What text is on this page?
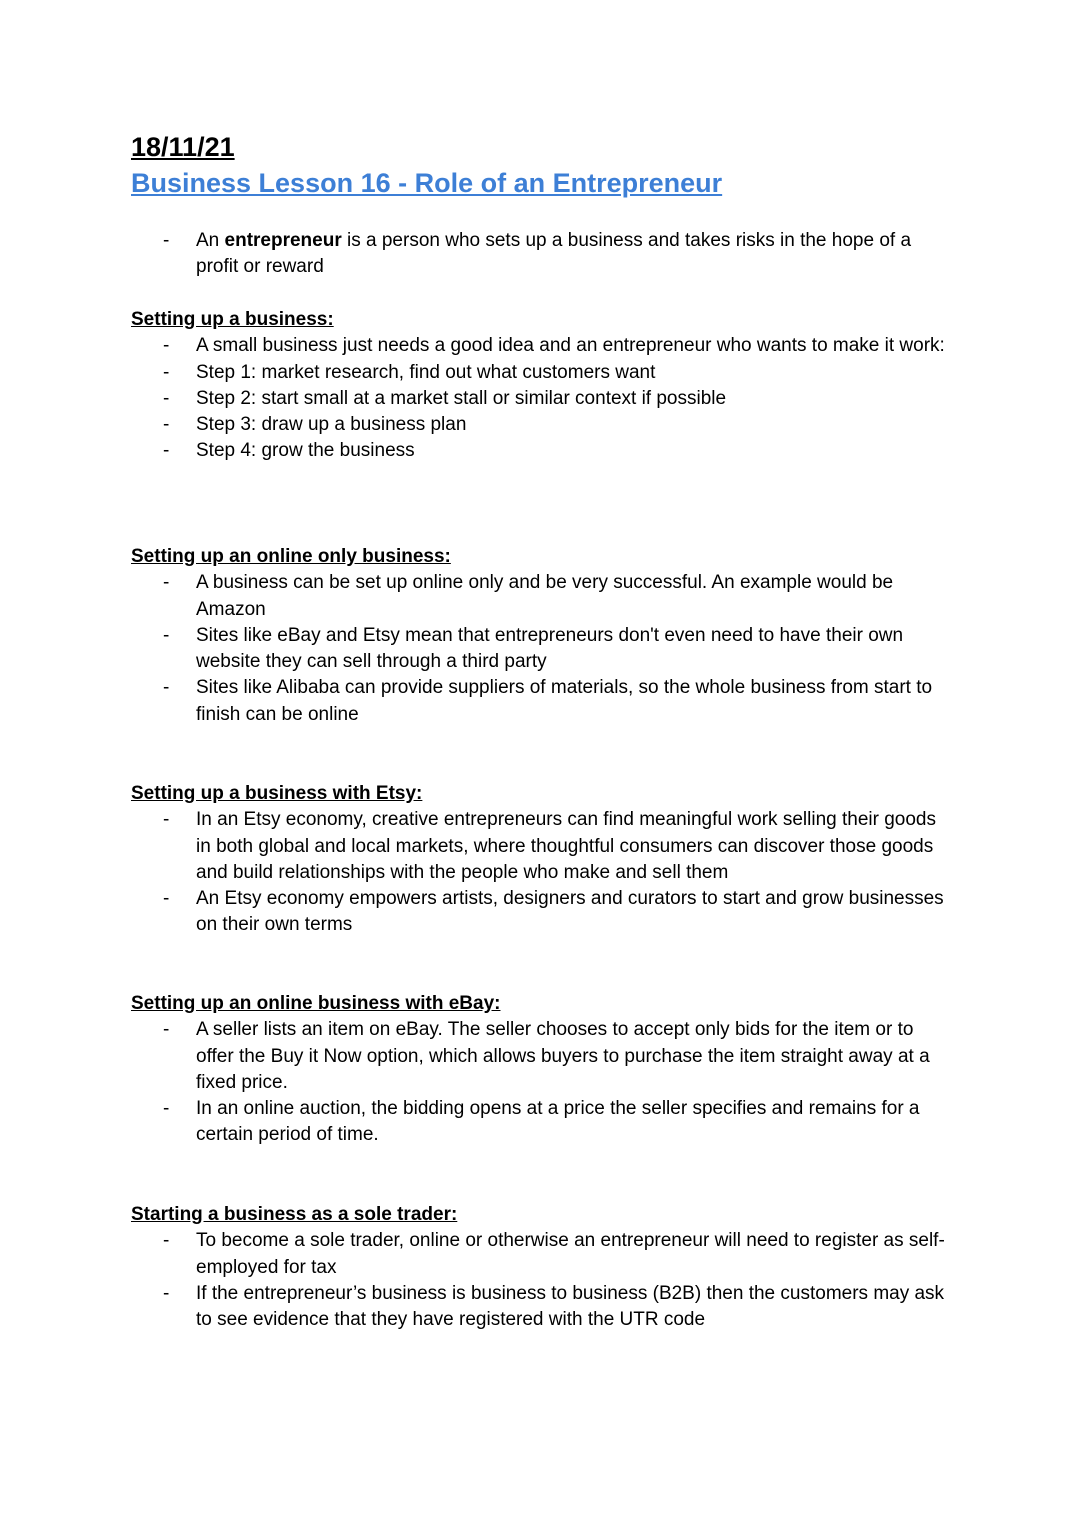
18/11/21
Business Lesson 16 - Role of an Entrepreneur
- An entrepreneur is a person who sets up a business and takes risks in the hope of a profit or reward
Setting up a business:
- A small business just needs a good idea and an entrepreneur who wants to make it work:
- Step 1: market research, find out what customers want
- Step 2: start small at a market stall or similar context if possible
- Step 3: draw up a business plan
- Step 4: grow the business
Setting up an online only business:
- A business can be set up online only and be very successful. An example would be Amazon
- Sites like eBay and Etsy mean that entrepreneurs don't even need to have their own website they can sell through a third party
- Sites like Alibaba can provide suppliers of materials, so the whole business from start to finish can be online
Setting up a business with Etsy:
- In an Etsy economy, creative entrepreneurs can find meaningful work selling their goods in both global and local markets, where thoughtful consumers can discover those goods and build relationships with the people who make and sell them
- An Etsy economy empowers artists, designers and curators to start and grow businesses on their own terms
Setting up an online business with eBay:
- A seller lists an item on eBay. The seller chooses to accept only bids for the item or to offer the Buy it Now option, which allows buyers to purchase the item straight away at a fixed price.
- In an online auction, the bidding opens at a price the seller specifies and remains for a certain period of time.
Starting a business as a sole trader:
- To become a sole trader, online or otherwise an entrepreneur will need to register as self-employed for tax
- If the entrepreneur’s business is business to business (B2B) then the customers may ask to see evidence that they have registered with the UTR code
